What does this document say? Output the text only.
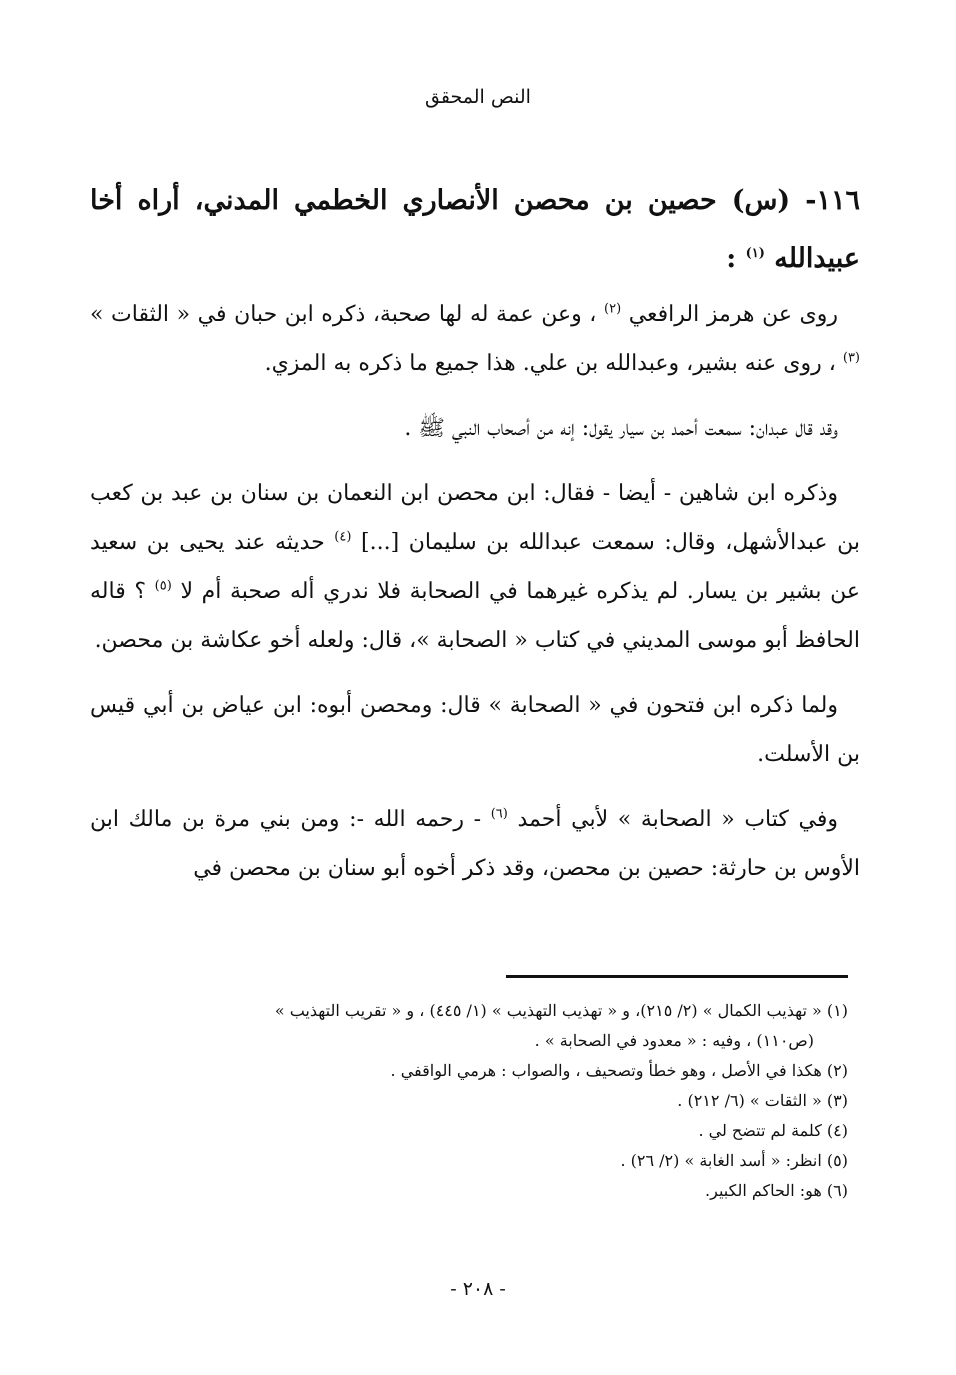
النص المحقق
١١٦- (س) حصين بن محصن الأنصاري الخطمي المدني، أراه أخا عبيدالله $^{(١)}$ :

روى عن هرمز الرافعي $^{(٢)}$ ، وعن عمة له لها صحبة، ذكره ابن حبان في « الثقات » $^{(٣)}$ ، روى عنه بشير، وعبدالله بن علي. هذا جميع ما ذكره به المزي.

وقد قال عبدان: سمعت أحمد بن سيار يقول: إنه من أصحاب النبي ﷺ .

وذكره ابن شاهين - أيضا - فقال: ابن محصن ابن النعمان بن سنان بن عبد بن كعب بن عبدالأشهل، وقال: سمعت عبدالله بن سليمان [...] $^{(٤)}$ حديثه عند يحيى بن سعيد عن بشير بن يسار. لم يذكره غيرهما في الصحابة فلا ندري أله صحبة أم لا $^{(٥)}$ ؟ قاله الحافظ أبو موسى المديني في كتاب « الصحابة »، قال: ولعله أخو عكاشة بن محصن.

ولما ذكره ابن فتحون في « الصحابة » قال: ومحصن أبوه: ابن عياض بن أبي قيس بن الأسلت.

وفي كتاب « الصحابة » لأبي أحمد $^{(٦)}$ - رحمه الله -: ومن بني مرة بن مالك ابن الأوس بن حارثة: حصين بن محصن، وقد ذكر أخوه أبو سنان بن محصن في

(١) « تهذيب الكمال » (٢/ ٢١٥)، و « تهذيب التهذيب » (١/ ٤٤٥) ، و « تقريب التهذيب »
(ص١١٠) ، وفيه : « معدود في الصحابة » .

(٢) هكذا في الأصل ، وهو خطأ وتصحيف ، والصواب : هرمي الواقفي .

(٣) « الثقات » (٦/ ٢١٢) .

(٤) كلمة لم تتضح لي .

(٥) انظر: « أسد الغابة » (٢/ ٢٦) .

(٦) هو: الحاكم الكبير.

- ٢٠٨ -
